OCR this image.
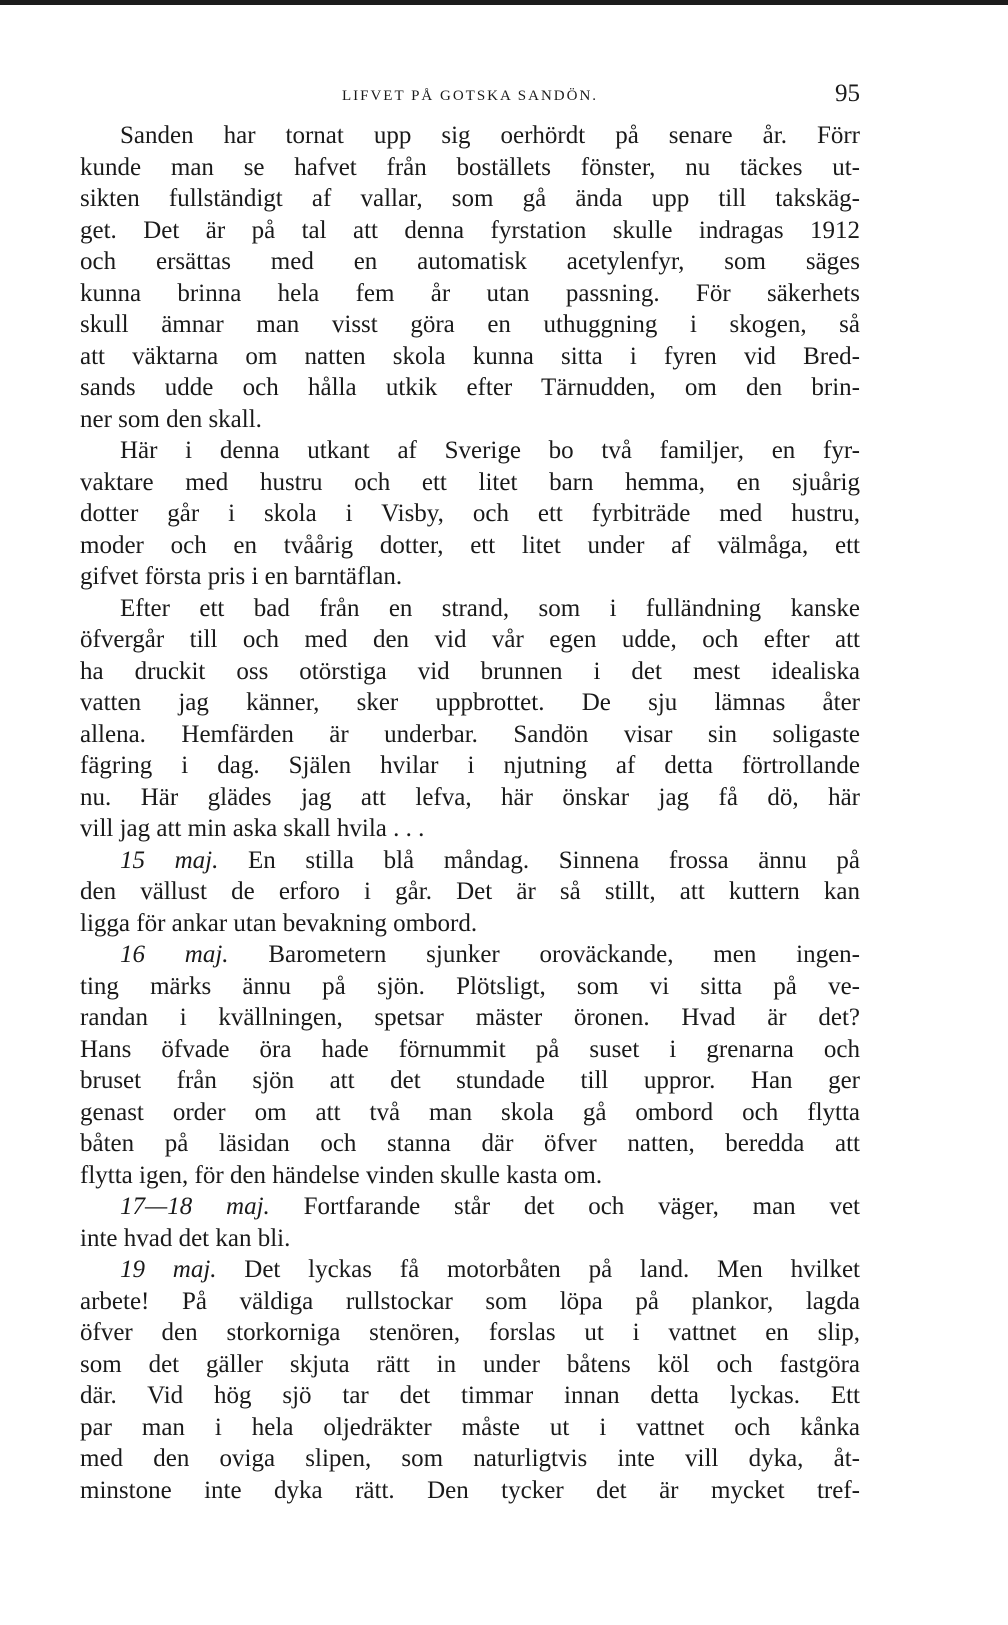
LIFVET PÅ GOTSKA SANDÖN.	95
Sanden har tornat upp sig oerhördt på senare år. Förr
kunde man se hafvet från boställets fönster, nu täckes ut-
sikten fullständigt af vallar, som gå ända upp till takskäg-
get. Det är på tal att denna fyrstation skulle indragas 1912
och ersättas med en automatisk acetylenfyr, som säges
kunna brinna hela fem år utan passning. För säkerhets
skull ämnar man visst göra en uthuggning i skogen, så
att väktarna om natten skola kunna sitta i fyren vid Bred-
sands udde och hålla utkik efter Tärnudden, om den brin-
ner som den skall.
Här i denna utkant af Sverige bo två familjer, en fyr-
vaktare med hustru och ett litet barn hemma, en sjuårig
dotter går i skola i Visby, och ett fyrbiträde med hustru,
moder och en tvåårig dotter, ett litet under af välmåga, ett
gifvet första pris i en barntäflan.
Efter ett bad från en strand, som i fulländning kanske
öfvergår till och med den vid vår egen udde, och efter att
ha druckit oss otörstiga vid brunnen i det mest idealiska
vatten jag känner, sker uppbrottet. De sju lämnas åter
allena. Hemfärden är underbar. Sandön visar sin soligaste
fägring i dag. Själen hvilar i njutning af detta förtrollande
nu. Här glädes jag att lefva, här önskar jag få dö, här
vill jag att min aska skall hvila . . .
15 maj. En stilla blå måndag. Sinnena frossa ännu på
den vällust de erforo i går. Det är så stillt, att kuttern kan
ligga för ankar utan bevakning ombord.
16 maj. Barometern sjunker oroväckande, men ingen-
ting märks ännu på sjön. Plötsligt, som vi sitta på ve-
randan i kvällningen, spetsar mäster öronen. Hvad är det?
Hans öfvade öra hade förnummit på suset i grenarna och
bruset från sjön att det stundade till uppror. Han ger
genast order om att två man skola gå ombord och flytta
båten på läsidan och stanna där öfver natten, beredda att
flytta igen, för den händelse vinden skulle kasta om.
17—18 maj. Fortfarande står det och väger, man vet
inte hvad det kan bli.
19 maj. Det lyckas få motorbåten på land. Men hvilket
arbete! På väldiga rullstockar som löpa på plankor, lagda
öfver den storkorniga stenören, forslas ut i vattnet en slip,
som det gäller skjuta rätt in under båtens köl och fastgöra
där. Vid hög sjö tar det timmar innan detta lyckas. Ett
par man i hela oljedräkter måste ut i vattnet och kånka
med den oviga slipen, som naturligtvis inte vill dyka, åt-
minstone inte dyka rätt. Den tycker det är mycket tref-
